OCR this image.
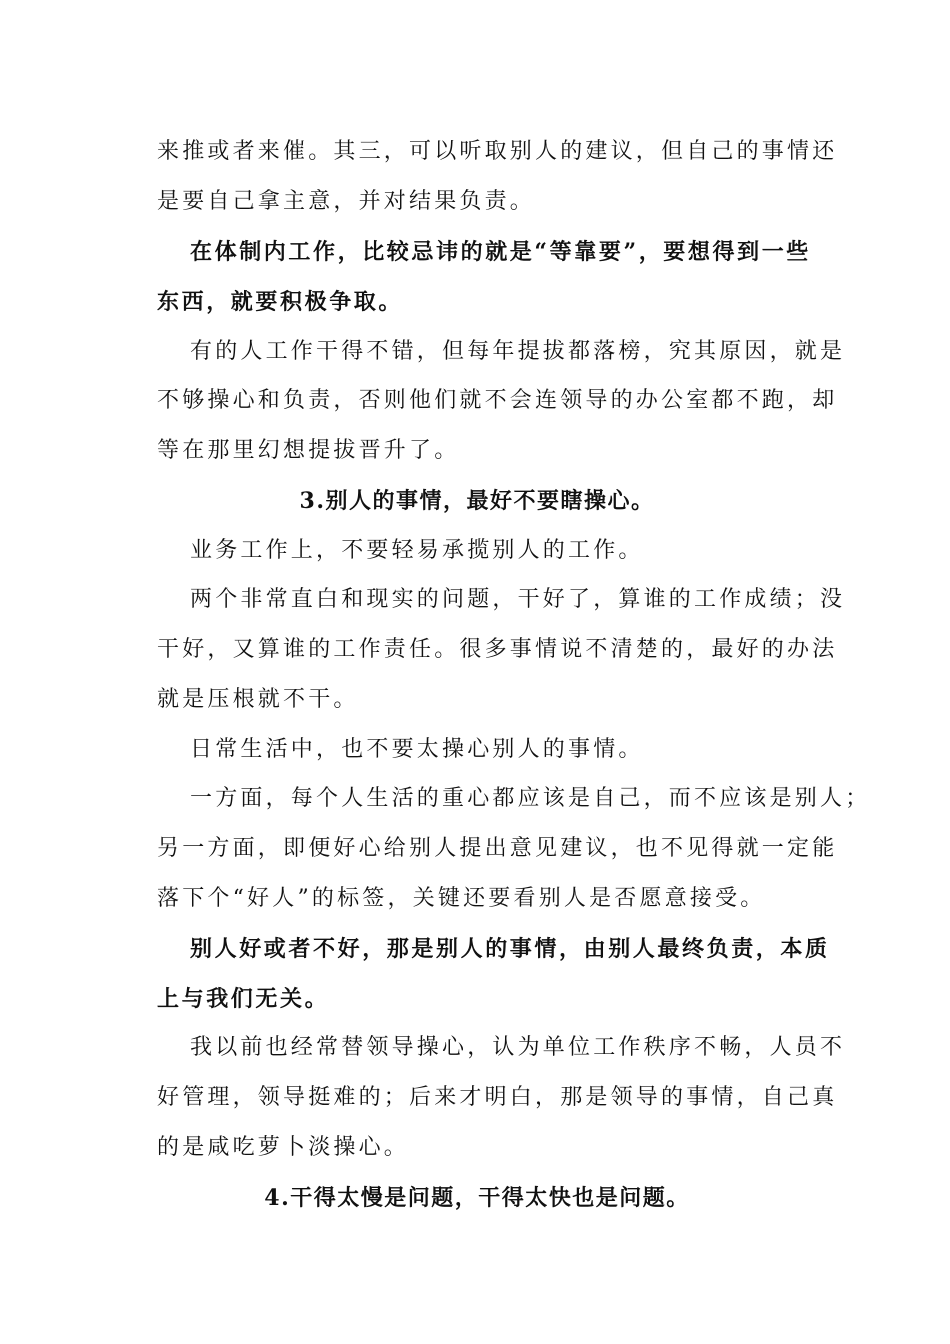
来推或者来催。其三，可以听取别人的建议，但自己的事情还
是要自己拿主意，并对结果负责。
在体制内工作，比较忌讳的就是“等靠要”，要想得到一些
东西，就要积极争取。
有的人工作干得不错，但每年提拔都落榜，究其原因，就是
不够操心和负责，否则他们就不会连领导的办公室都不跑，却
等在那里幻想提拔晋升了。
3.别人的事情，最好不要瞎操心。
业务工作上，不要轻易承揽别人的工作。
两个非常直白和现实的问题，干好了，算谁的工作成绩；没
干好，又算谁的工作责任。很多事情说不清楚的，最好的办法
就是压根就不干。
日常生活中，也不要太操心别人的事情。
一方面，每个人生活的重心都应该是自己，而不应该是别人；
另一方面，即便好心给别人提出意见建议，也不见得就一定能
落下个“好人”的标签，关键还要看别人是否愿意接受。
别人好或者不好，那是别人的事情，由别人最终负责，本质
上与我们无关。
我以前也经常替领导操心，认为单位工作秩序不畅，人员不
好管理，领导挺难的；后来才明白，那是领导的事情，自己真
的是咸吃萝卜淡操心。
4.干得太慢是问题，干得太快也是问题。
